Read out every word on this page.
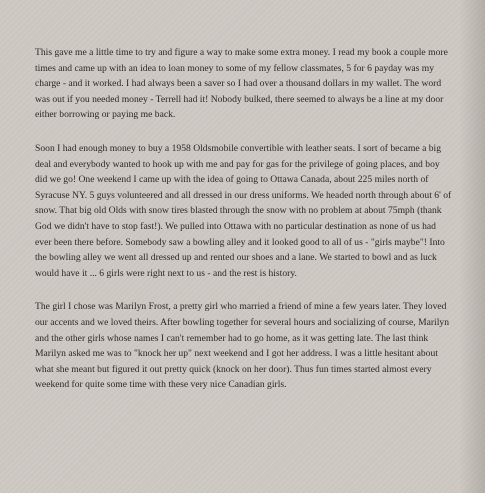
This gave me a little time to try and figure a way to make some extra money. I read my book a couple more times and came up with an idea to loan money to some of my fellow classmates, 5 for 6 payday was my charge - and it worked. I had always been a saver so I had over a thousand dollars in my wallet. The word was out if you needed money - Terrell had it! Nobody bulked, there seemed to always be a line at my door either borrowing or paying me back.

Soon I had enough money to buy a 1958 Oldsmobile convertible with leather seats. I sort of became a big deal and everybody wanted to hook up with me and pay for gas for the privilege of going places, and boy did we go! One weekend I came up with the idea of going to Ottawa Canada, about 225 miles north of Syracuse NY. 5 guys volunteered and all dressed in our dress uniforms. We headed north through about 6' of snow. That big old Olds with snow tires blasted through the snow with no problem at about 75mph (thank God we didn't have to stop fast!). We pulled into Ottawa with no particular destination as none of us had ever been there before. Somebody saw a bowling alley and it looked good to all of us - "girls maybe"! Into the bowling alley we went all dressed up and rented our shoes and a lane. We started to bowl and as luck would have it ... 6 girls were right next to us - and the rest is history.

The girl I chose was Marilyn Frost, a pretty girl who married a friend of mine a few years later. They loved our accents and we loved theirs. After bowling together for several hours and socializing of course, Marilyn and the other girls whose names I can't remember had to go home, as it was getting late. The last think Marilyn asked me was to "knock her up" next weekend and I got her address. I was a little hesitant about what she meant but figured it out pretty quick (knock on her door). Thus fun times started almost every weekend for quite some time with these very nice Canadian girls.
